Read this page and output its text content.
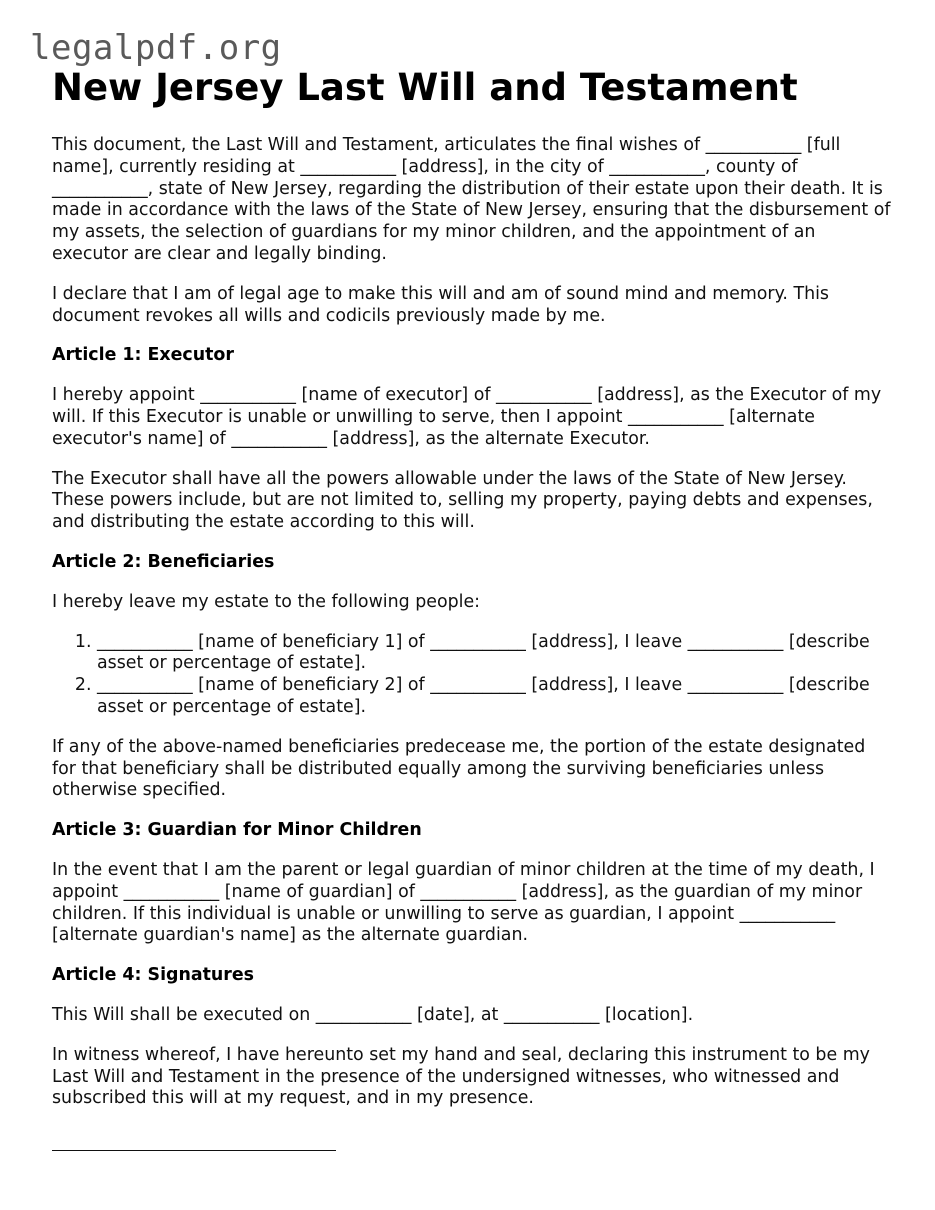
legalpdf.org
New Jersey Last Will and Testament

This document, the Last Will and Testament, articulates the final wishes of ___________ [full name], currently residing at ___________ [address], in the city of ___________, county of ___________, state of New Jersey, regarding the distribution of their estate upon their death. It is made in accordance with the laws of the State of New Jersey, ensuring that the disbursement of my assets, the selection of guardians for my minor children, and the appointment of an executor are clear and legally binding.

I declare that I am of legal age to make this will and am of sound mind and memory. This document revokes all wills and codicils previously made by me.

Article 1: Executor

I hereby appoint ___________ [name of executor] of ___________ [address], as the Executor of my will. If this Executor is unable or unwilling to serve, then I appoint ___________ [alternate executor's name] of ___________ [address], as the alternate Executor.

The Executor shall have all the powers allowable under the laws of the State of New Jersey. These powers include, but are not limited to, selling my property, paying debts and expenses, and distributing the estate according to this will.

Article 2: Beneficiaries

I hereby leave my estate to the following people:

1. ___________ [name of beneficiary 1] of ___________ [address], I leave ___________ [describe asset or percentage of estate].
2. ___________ [name of beneficiary 2] of ___________ [address], I leave ___________ [describe asset or percentage of estate].

If any of the above-named beneficiaries predecease me, the portion of the estate designated for that beneficiary shall be distributed equally among the surviving beneficiaries unless otherwise specified.

Article 3: Guardian for Minor Children

In the event that I am the parent or legal guardian of minor children at the time of my death, I appoint ___________ [name of guardian] of ___________ [address], as the guardian of my minor children. If this individual is unable or unwilling to serve as guardian, I appoint ___________ [alternate guardian's name] as the alternate guardian.

Article 4: Signatures

This Will shall be executed on ___________ [date], at ___________ [location].

In witness whereof, I have hereunto set my hand and seal, declaring this instrument to be my Last Will and Testament in the presence of the undersigned witnesses, who witnessed and subscribed this will at my request, and in my presence.
